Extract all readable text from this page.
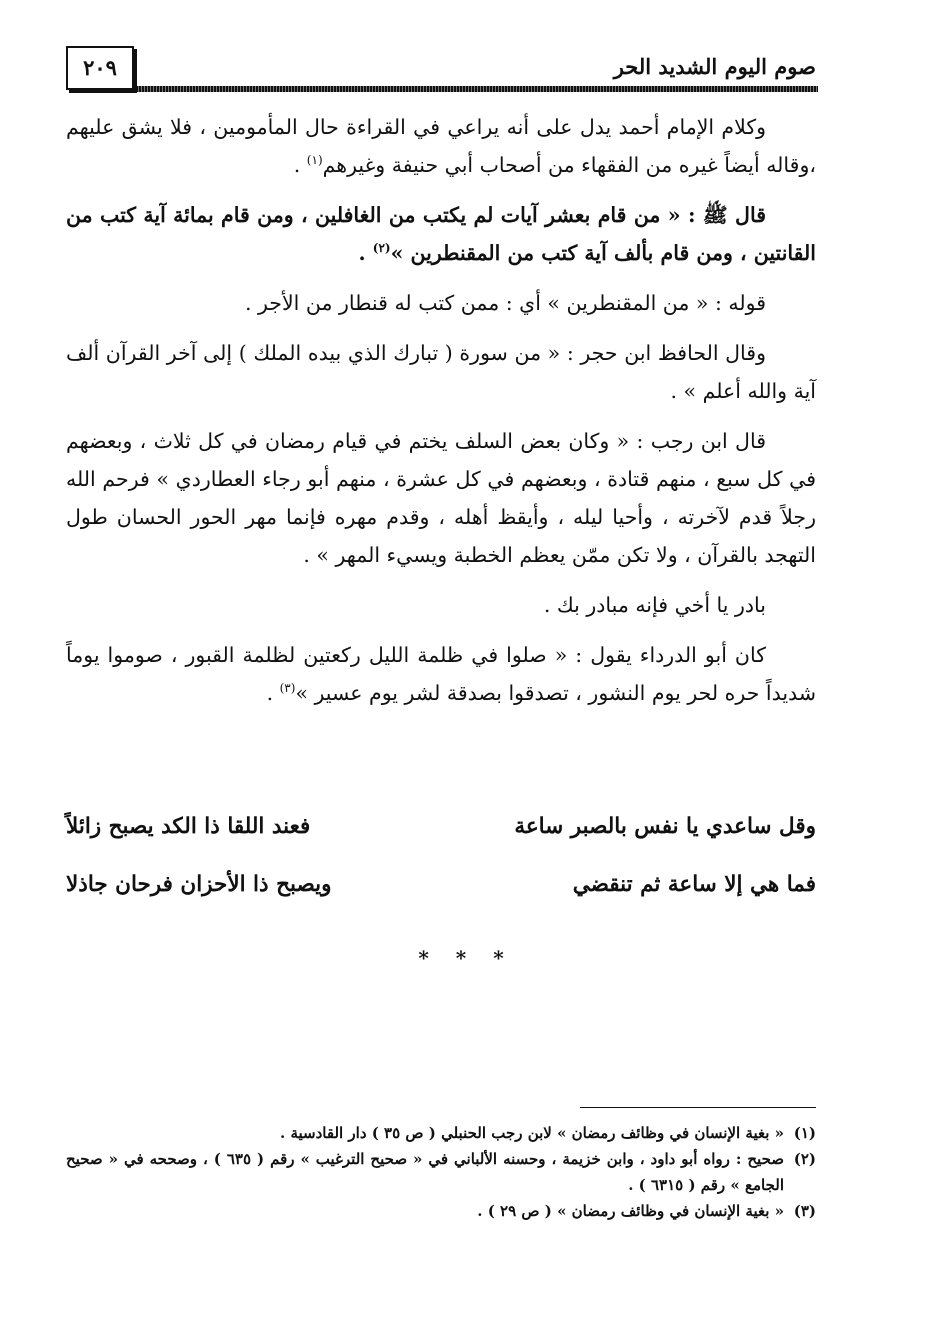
صوم اليوم الشديد الحر
٢٠٩

وكلام الإمام أحمد يدل على أنه يراعي في القراءة حال المأمومين ، فلا يشق عليهم ،وقاله أيضاً غيره من الفقهاء من أصحاب أبي حنيفة وغيرهم$^{(١)}$ .

قال ﷺ : « من قام بعشر آيات لم يكتب من الغافلين ، ومن قام بمائة آية كتب من القانتين ، ومن قام بألف آية كتب من المقنطرين »$^{(٢)}$ .

قوله : « من المقنطرين » أي : ممن كتب له قنطار من الأجر .

وقال الحافظ ابن حجر : « من سورة ( تبارك الذي بيده الملك ) إلى آخر القرآن ألف آية والله أعلم » .

قال ابن رجب : « وكان بعض السلف يختم في قيام رمضان في كل ثلاث ، وبعضهم في كل سبع ، منهم قتادة ، وبعضهم في كل عشرة ، منهم أبو رجاء العطاردي » فرحم الله رجلاً قدم لآخرته ، وأحيا ليله ، وأيقظ أهله ، وقدم مهره فإنما مهر الحور الحسان طول التهجد بالقرآن ، ولا تكن ممّن يعظم الخطبة ويسيء المهر » .

بادر يا أخي فإنه مبادر بك .

كان أبو الدرداء يقول : « صلوا في ظلمة الليل ركعتين لظلمة القبور ، صوموا يوماً شديداً حره لحر يوم النشور ، تصدقوا بصدقة لشر يوم عسير »$^{(٣)}$ .

وقل ساعدي يا نفس بالصبر ساعة
فعند اللقا ذا الكد يصبح زائلاً
فما هي إلا ساعة ثم تنقضي
ويصبح ذا الأحزان فرحان جاذلا
* * *
(١)
« بغية الإنسان في وظائف رمضان » لابن رجب الحنبلي ( ص ٣٥ ) دار القادسية .
(٢)
صحيح : رواه أبو داود ، وابن خزيمة ، وحسنه الألباني في « صحيح الترغيب » رقم ( ٦٣٥ ) ، وصححه في « صحيح الجامع » رقم ( ٦٣١٥ ) .
(٣)
« بغية الإنسان في وظائف رمضان » ( ص ٢٩ ) .
